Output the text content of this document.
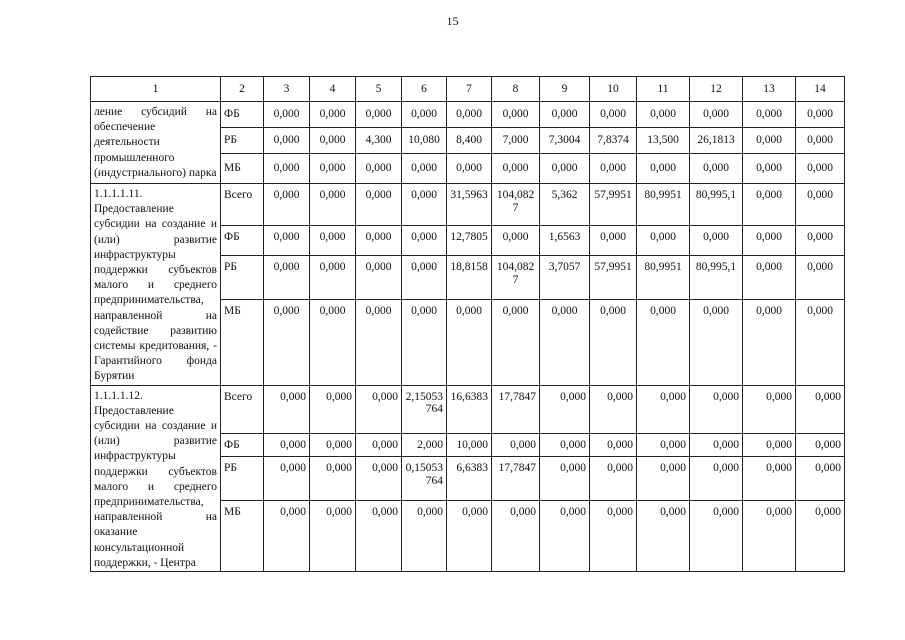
15
1	2	3	4	5	6	7	8	9	10	11	12	13	14
ление субсидий на обеспечение деятельности промышленного (индустриального) парка	ФБ	0,000	0,000	0,000	0,000	0,000	0,000	0,000	0,000	0,000	0,000	0,000	0,000
	РБ	0,000	0,000	4,300	10,080	8,400	7,000	7,3004	7,8374	13,500	26,1813	0,000	0,000
	МБ	0,000	0,000	0,000	0,000	0,000	0,000	0,000	0,000	0,000	0,000	0,000	0,000
1.1.1.1.11. Предоставление субсидии на создание и (или) развитие инфраструктуры поддержки субъектов малого и среднего предпринимательства, направленной на содействие развитию системы кредитования, - Гарантийного фонда Бурятии	Всего	0,000	0,000	0,000	0,000	31,5963	104,0827	5,362	57,9951	80,9951	80,995,1	0,000	0,000
	ФБ	0,000	0,000	0,000	0,000	12,7805	0,000	1,6563	0,000	0,000	0,000	0,000	0,000
	РБ	0,000	0,000	0,000	0,000	18,8158	104,0827	3,7057	57,9951	80,9951	80,995,1	0,000	0,000
	МБ	0,000	0,000	0,000	0,000	0,000	0,000	0,000	0,000	0,000	0,000	0,000	0,000
1.1.1.1.12. Предоставление субсидии на создание и (или) развитие инфраструктуры поддержки субъектов малого и среднего предпринимательства, направленной на оказание консультационной поддержки, - Центра	Всего	0,000	0,000	0,000	2,15053764	16,6383	17,7847	0,000	0,000	0,000	0,000	0,000	0,000
	ФБ	0,000	0,000	0,000	2,000	10,000	0,000	0,000	0,000	0,000	0,000	0,000	0,000
	РБ	0,000	0,000	0,000	0,15053764	6,6383	17,7847	0,000	0,000	0,000	0,000	0,000	0,000
	МБ	0,000	0,000	0,000	0,000	0,000	0,000	0,000	0,000	0,000	0,000	0,000	0,000
